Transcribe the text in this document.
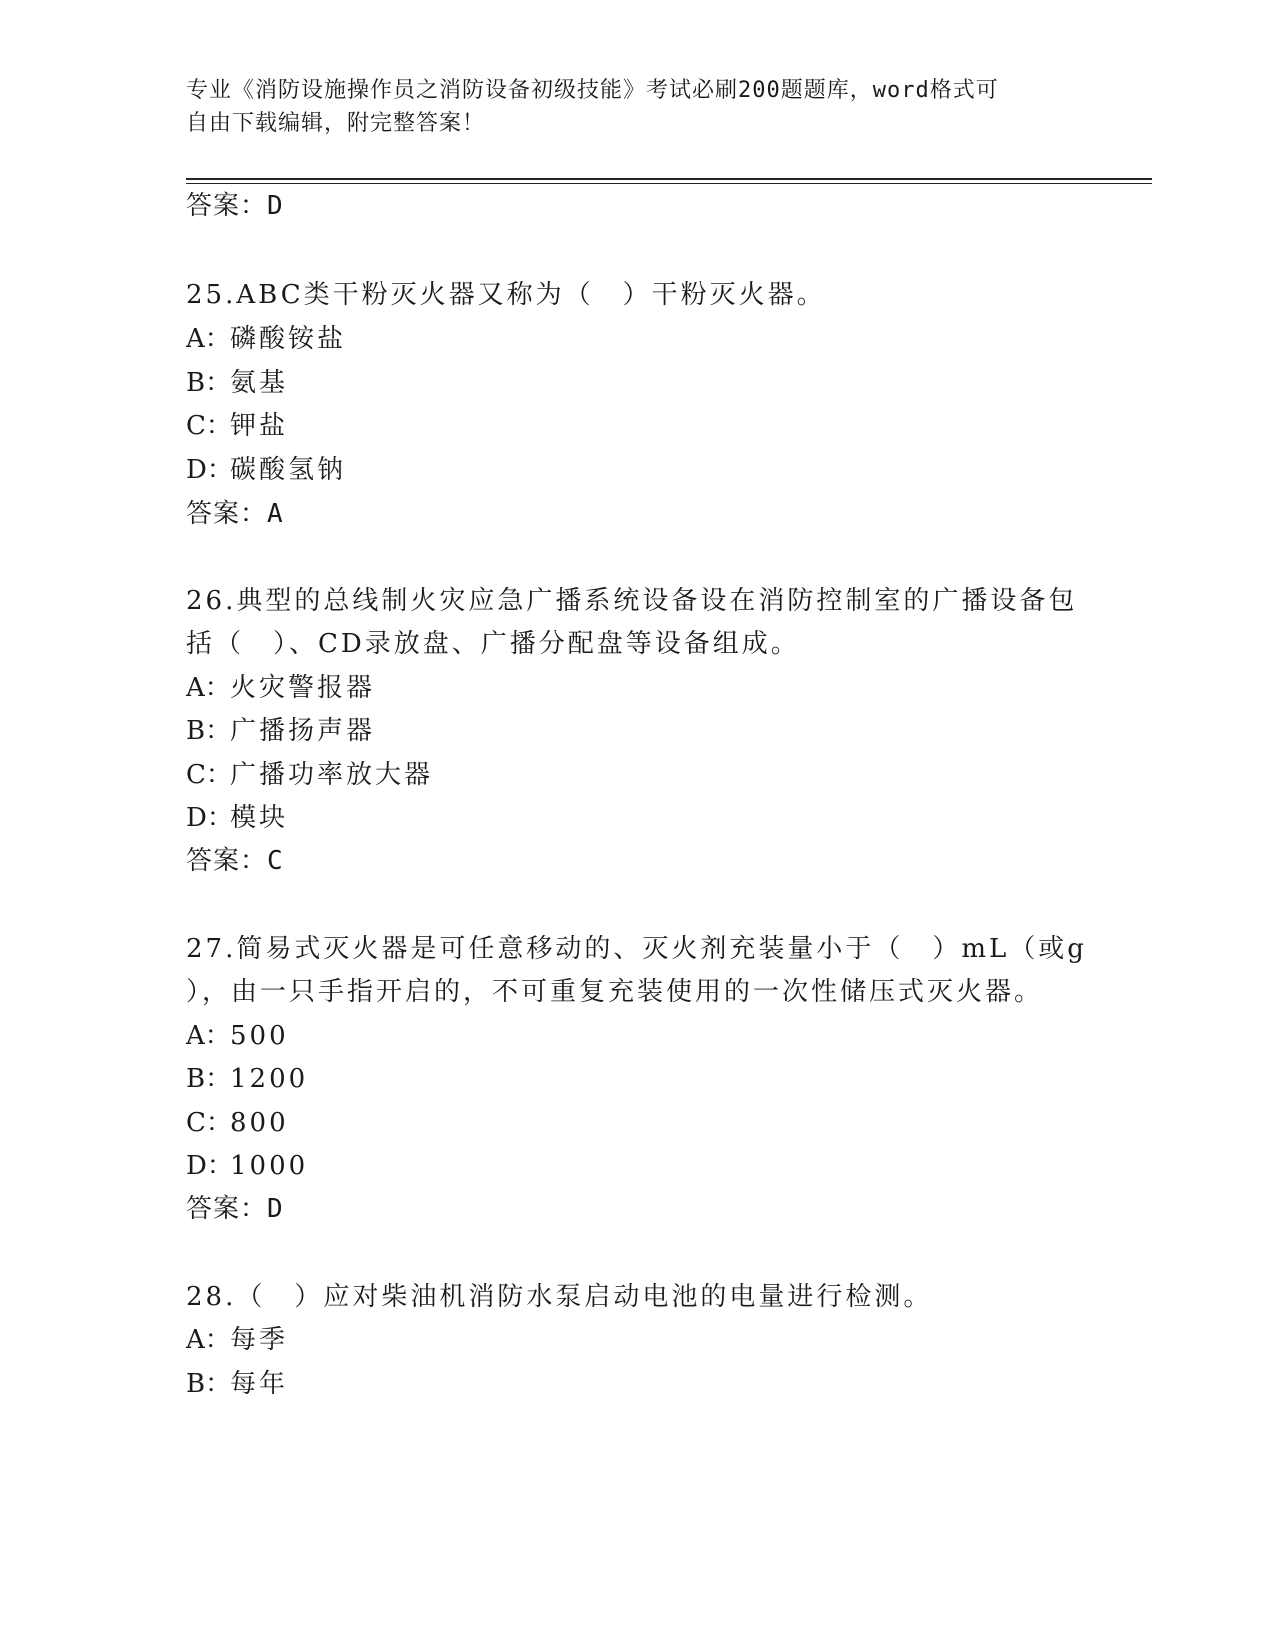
专业《消防设施操作员之消防设备初级技能》考试必刷200题题库，word格式可
自由下载编辑，附完整答案！
答案：D
25.ABC类干粉灭火器又称为（　）干粉灭火器。
A：磷酸铵盐
B：氨基
C：钾盐
D：碳酸氢钠
答案：A
26.典型的总线制火灾应急广播系统设备设在消防控制室的广播设备包
括（　）、CD录放盘、广播分配盘等设备组成。
A：火灾警报器
B：广播扬声器
C：广播功率放大器
D：模块
答案：C
27.简易式灭火器是可任意移动的、灭火剂充装量小于（　）mL（或g
），由一只手指开启的，不可重复充装使用的一次性储压式灭火器。
A：500
B：1200
C：800
D：1000
答案：D
28.（　）应对柴油机消防水泵启动电池的电量进行检测。
A：每季
B：每年
